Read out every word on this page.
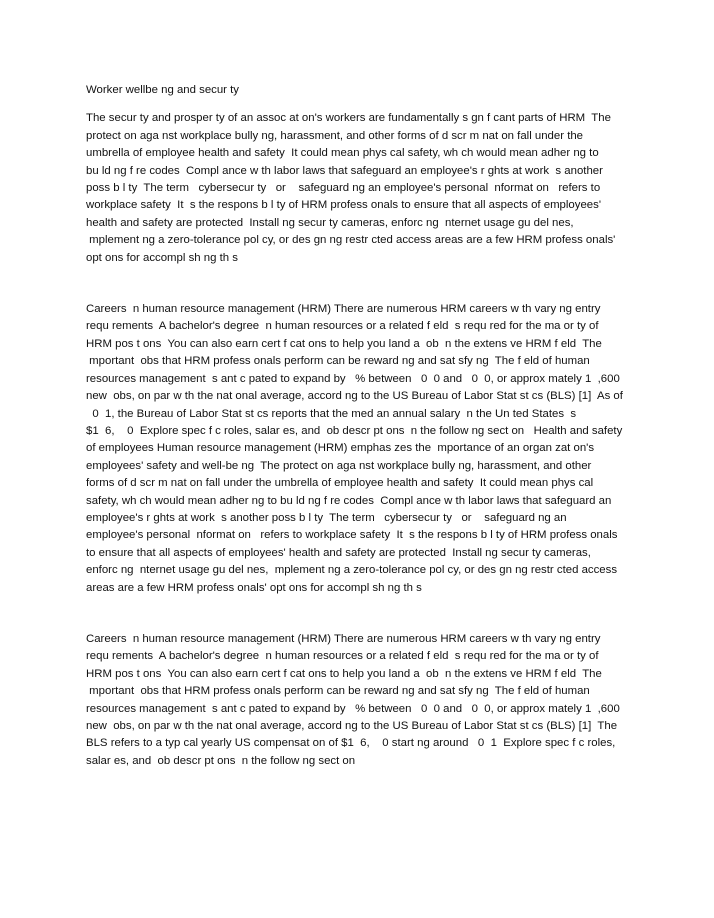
Worker wellbe ng and secur ty
The secur ty and prosper ty of an assoc at on's workers are fundamentally s gn f cant parts of HRM  The
protect on aga nst workplace bully ng, harassment, and other forms of d scr m nat on fall under the
umbrella of employee health and safety  It could mean phys cal safety, wh ch would mean adher ng to
bu ld ng f re codes  Compl ance w th labor laws that safeguard an employee's r ghts at work  s another
poss b l ty  The term   cybersecur ty   or    safeguard ng an employee's personal  nformat on   refers to
workplace safety  It  s the respons b l ty of HRM profess onals to ensure that all aspects of employees'
health and safety are protected  Install ng secur ty cameras, enforc ng  nternet usage gu del nes,
mplement ng a zero-tolerance pol cy, or des gn ng restr cted access areas are a few HRM profess onals'
opt ons for accompl sh ng th s
Careers  n human resource management (HRM) There are numerous HRM careers w th vary ng entry
requ rements  A bachelor's degree  n human resources or a related f eld  s requ red for the ma or ty of
HRM pos t ons  You can also earn cert f cat ons to help you land a  ob  n the extens ve HRM f eld  The
mportant  obs that HRM profess onals perform can be reward ng and sat sfy ng  The f eld of human
resources management  s ant c pated to expand by   % between   0  0 and   0  0, or approx mately 1  ,600
new  obs, on par w th the nat onal average, accord ng to the US Bureau of Labor Stat st cs (BLS) [1]  As of
0  1, the Bureau of Labor Stat st cs reports that the med an annual salary  n the Un ted States  s
$1  6,    0  Explore spec f c roles, salar es, and  ob descr pt ons  n the follow ng sect on   Health and safety
of employees Human resource management (HRM) emphas zes the  mportance of an organ zat on's
employees' safety and well-be ng  The protect on aga nst workplace bully ng, harassment, and other
forms of d scr m nat on fall under the umbrella of employee health and safety  It could mean phys cal
safety, wh ch would mean adher ng to bu ld ng f re codes  Compl ance w th labor laws that safeguard an
employee's r ghts at work  s another poss b l ty  The term   cybersecur ty   or    safeguard ng an
employee's personal  nformat on   refers to workplace safety  It  s the respons b l ty of HRM profess onals
to ensure that all aspects of employees' health and safety are protected  Install ng secur ty cameras,
enforc ng  nternet usage gu del nes,  mplement ng a zero-tolerance pol cy, or des gn ng restr cted access
areas are a few HRM profess onals' opt ons for accompl sh ng th s
Careers  n human resource management (HRM) There are numerous HRM careers w th vary ng entry
requ rements  A bachelor's degree  n human resources or a related f eld  s requ red for the ma or ty of
HRM pos t ons  You can also earn cert f cat ons to help you land a  ob  n the extens ve HRM f eld  The
mportant  obs that HRM profess onals perform can be reward ng and sat sfy ng  The f eld of human
resources management  s ant c pated to expand by   % between   0  0 and   0  0, or approx mately 1  ,600
new  obs, on par w th the nat onal average, accord ng to the US Bureau of Labor Stat st cs (BLS) [1]  The
BLS refers to a typ cal yearly US compensat on of $1  6,    0 start ng around   0  1  Explore spec f c roles,
salar es, and  ob descr pt ons  n the follow ng sect on
